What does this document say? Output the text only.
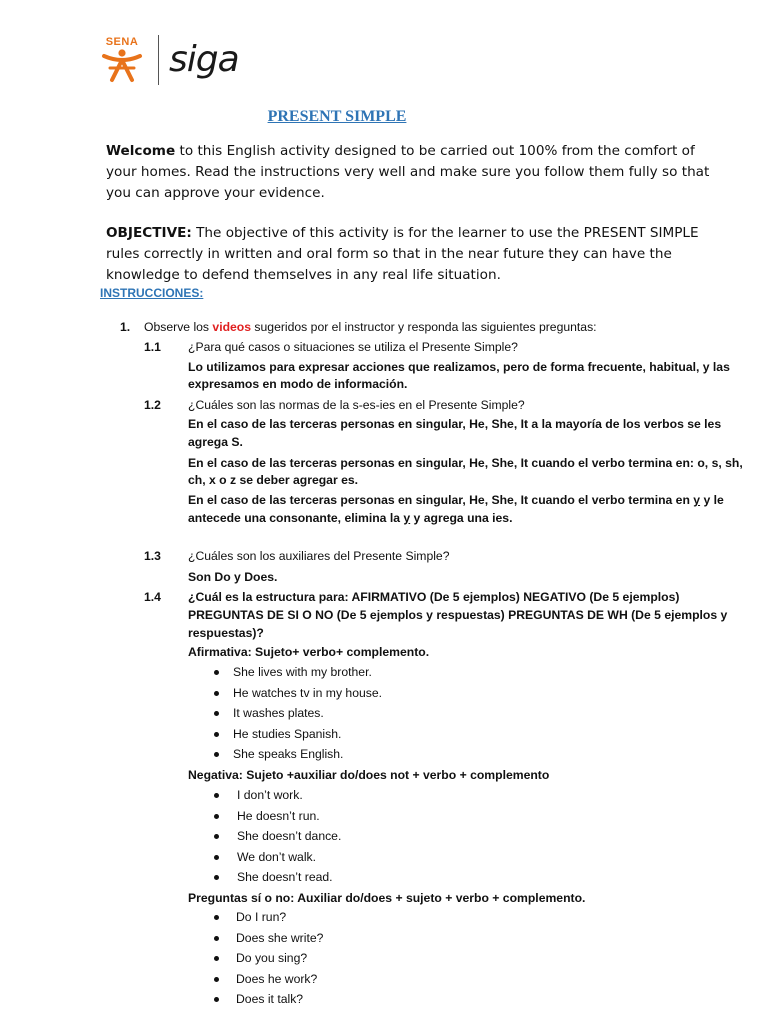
SENA siga
PRESENT SIMPLE
Welcome to this English activity designed to be carried out 100% from the comfort of your homes. Read the instructions very well and make sure you follow them fully so that you can approve your evidence.
OBJECTIVE: The objective of this activity is for the learner to use the PRESENT SIMPLE rules correctly in written and oral form so that in the near future they can have the knowledge to defend themselves in any real life situation.
INSTRUCCIONES:
1. Observe los videos sugeridos por el instructor y responda las siguientes preguntas:
1.1 ¿Para qué casos o situaciones se utiliza el Presente Simple?
Lo utilizamos para expresar acciones que realizamos, pero de forma frecuente, habitual, y las
expresamos en modo de información.
1.2 ¿Cuáles son las normas de la s-es-ies en el Presente Simple?
En el caso de las terceras personas en singular, He, She, It a la mayoría de los verbos se les
agrega S.
En el caso de las terceras personas en singular, He, She, It cuando el verbo termina en: o, s, sh,
ch, x o z se deber agregar es.
En el caso de las terceras personas en singular, He, She, It cuando el verbo termina en y y le
antecede una consonante, elimina la y y agrega una ies.
1.3 ¿Cuáles son los auxiliares del Presente Simple?
Son Do y Does.
1.4 ¿Cuál es la estructura para: AFIRMATIVO (De 5 ejemplos) NEGATIVO (De 5 ejemplos)
PREGUNTAS DE SI O NO (De 5 ejemplos y respuestas) PREGUNTAS DE WH (De 5 ejemplos y
respuestas)?
Afirmativa: Sujeto+ verbo+ complemento.
She lives with my brother.
He watches tv in my house.
It washes plates.
He studies Spanish.
She speaks English.
Negativa: Sujeto +auxiliar do/does not + verbo + complemento
I don’t work.
He doesn’t run.
She doesn’t dance.
We don’t walk.
She doesn’t read.
Preguntas sí o no: Auxiliar do/does + sujeto + verbo + complemento.
Do I run?
Does she write?
Do you sing?
Does he work?
Does it talk?
